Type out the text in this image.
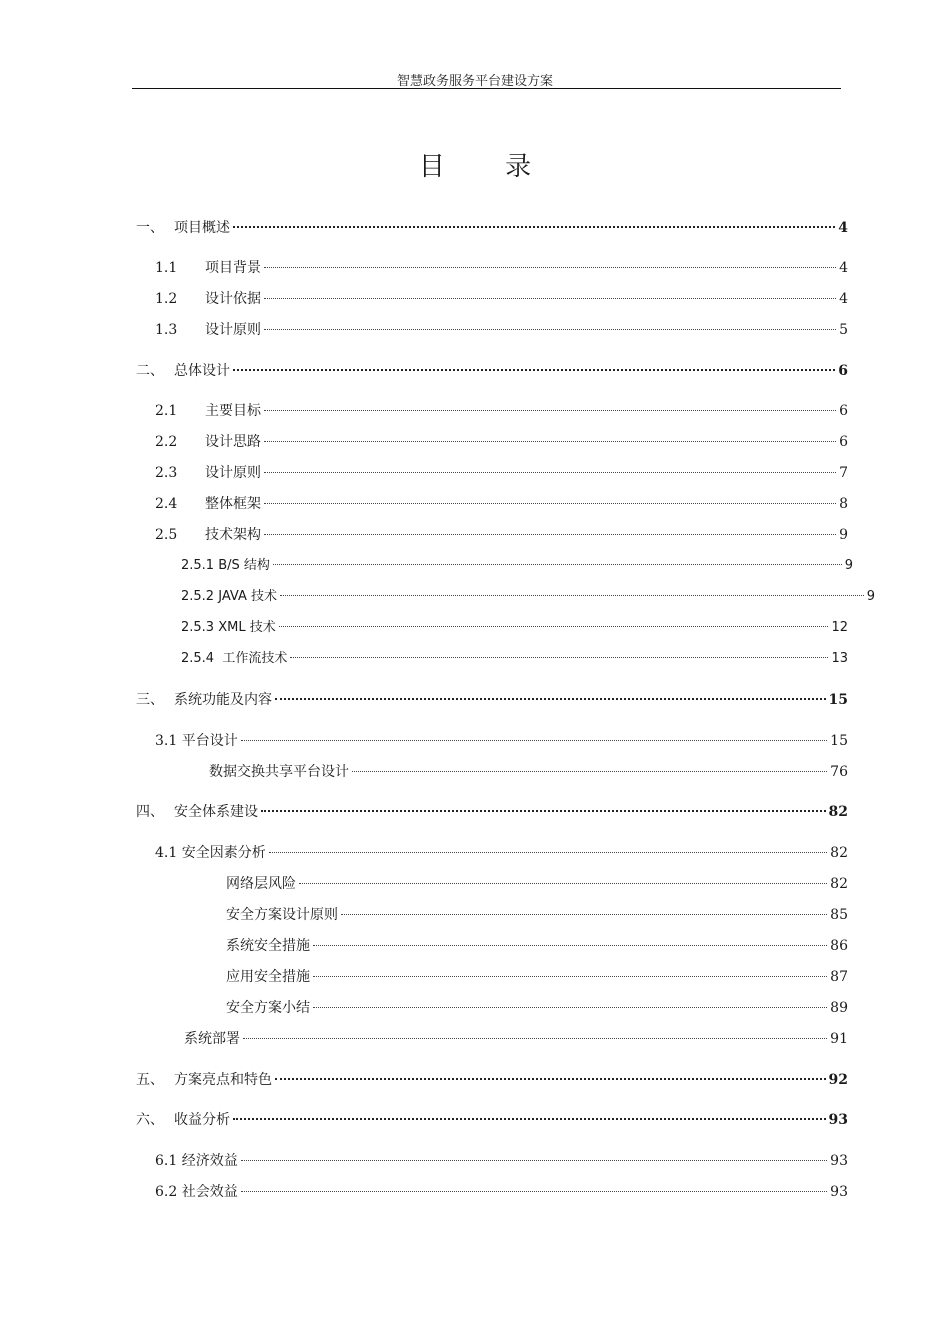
智慧政务服务平台建设方案
目 录
一、 项目概述	4
1.1	项目背景	4
1.2	设计依据	4
1.3	设计原则	5
二、 总体设计	6
2.1	主要目标	6
2.2	设计思路	6
2.3	设计原则	7
2.4	整体框架	8
2.5	技术架构	9
2.5.1 B/S 结构	9
2.5.2 JAVA 技术	9
2.5.3 XML 技术	12
2.5.4  工作流技术	13
三、 系统功能及内容	15
3.1 平台设计	15
数据交换共享平台设计	76
四、 安全体系建设	82
4.1 安全因素分析	82
网络层风险	82
安全方案设计原则	85
系统安全措施	86
应用安全措施	87
安全方案小结	89
系统部署	91
五、 方案亮点和特色	92
六、 收益分析	93
6.1 经济效益	93
6.2 社会效益	93
